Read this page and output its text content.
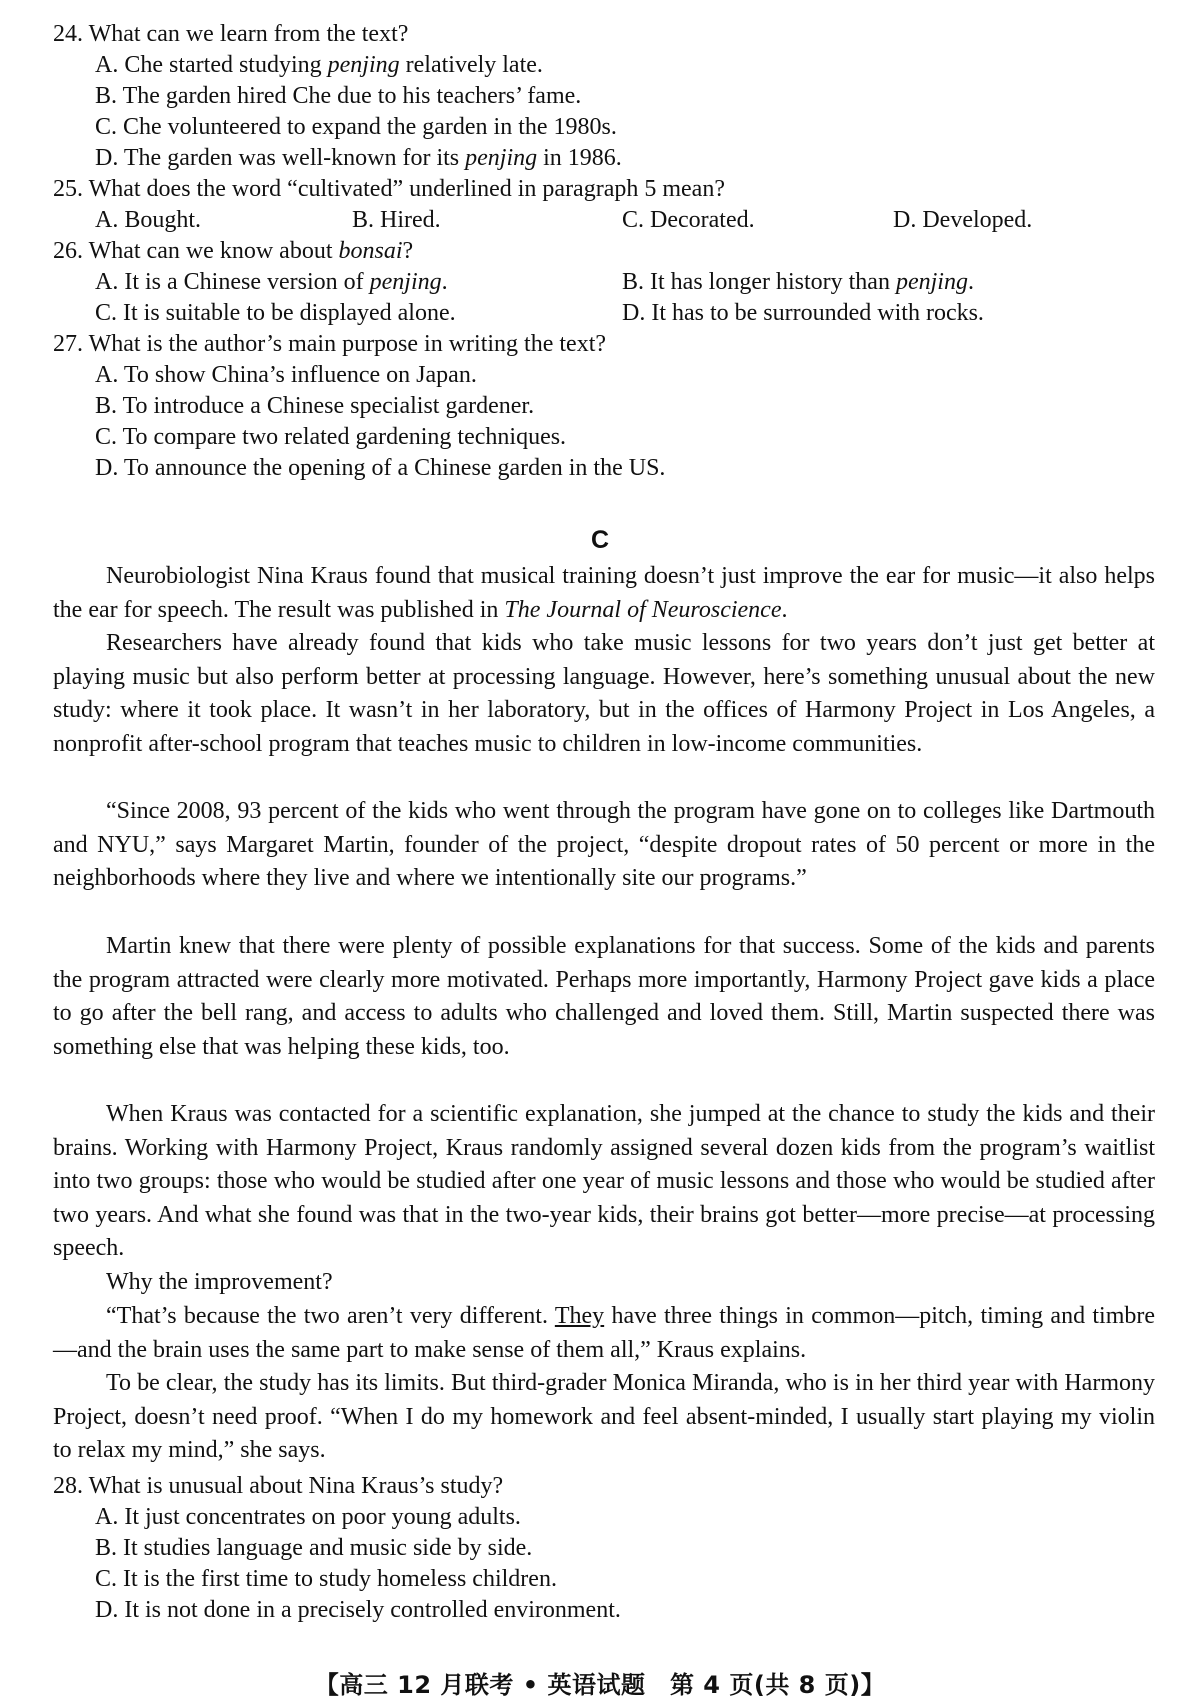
24. What can we learn from the text?
A. Che started studying penjing relatively late.
B. The garden hired Che due to his teachers’ fame.
C. Che volunteered to expand the garden in the 1980s.
D. The garden was well-known for its penjing in 1986.
25. What does the word “cultivated” underlined in paragraph 5 mean?
A. Bought.	B. Hired.	C. Decorated.	D. Developed.
26. What can we know about bonsai?
A. It is a Chinese version of penjing.	B. It has longer history than penjing.
C. It is suitable to be displayed alone.	D. It has to be surrounded with rocks.
27. What is the author’s main purpose in writing the text?
A. To show China’s influence on Japan.
B. To introduce a Chinese specialist gardener.
C. To compare two related gardening techniques.
D. To announce the opening of a Chinese garden in the US.
C

Neurobiologist Nina Kraus found that musical training doesn’t just improve the ear for music—it also helps the ear for speech. The result was published in The Journal of Neuroscience.

Researchers have already found that kids who take music lessons for two years don’t just get better at playing music but also perform better at processing language. However, here’s something unusual about the new study: where it took place. It wasn’t in her laboratory, but in the offices of Harmony Project in Los Angeles, a nonprofit after-school program that teaches music to children in low-income communities.

“Since 2008, 93 percent of the kids who went through the program have gone on to colleges like Dartmouth and NYU,” says Margaret Martin, founder of the project, “despite dropout rates of 50 percent or more in the neighborhoods where they live and where we intentionally site our programs.”

Martin knew that there were plenty of possible explanations for that success. Some of the kids and parents the program attracted were clearly more motivated. Perhaps more importantly, Harmony Project gave kids a place to go after the bell rang, and access to adults who challenged and loved them. Still, Martin suspected there was something else that was helping these kids, too.

When Kraus was contacted for a scientific explanation, she jumped at the chance to study the kids and their brains. Working with Harmony Project, Kraus randomly assigned several dozen kids from the program’s waitlist into two groups: those who would be studied after one year of music lessons and those who would be studied after two years. And what she found was that in the two-year kids, their brains got better—more precise—at processing speech.

Why the improvement?

“That’s because the two aren’t very different. They have three things in common—pitch, timing and timbre—and the brain uses the same part to make sense of them all,” Kraus explains.

To be clear, the study has its limits. But third-grader Monica Miranda, who is in her third year with Harmony Project, doesn’t need proof. “When I do my homework and feel absent-minded, I usually start playing my violin to relax my mind,” she says.

28. What is unusual about Nina Kraus’s study?
A. It just concentrates on poor young adults.
B. It studies language and music side by side.
C. It is the first time to study homeless children.
D. It is not done in a precisely controlled environment.
【高三 12 月联考 • 英语试题　第 4 页(共 8 页)】
